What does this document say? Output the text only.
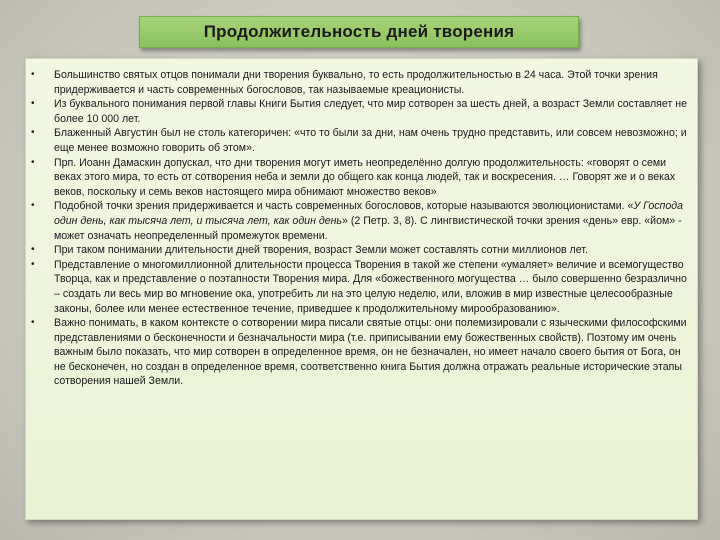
Продолжительность дней творения
• Большинство святых отцов понимали дни творения буквально, то есть продолжительностью в 24 часа. Этой точки зрения придерживается и часть современных богословов, так называемые креационисты.
• Из буквального понимания первой главы Книги Бытия следует, что мир сотворен за шесть дней, а возраст Земли составляет не более 10 000 лет.
• Блаженный Августин был не столь категоричен: «что то были за дни, нам очень трудно представить, или совсем невозможно; и еще менее возможно говорить об этом».
• Прп. Иоанн Дамаскин допускал, что дни творения могут иметь неопределённо долгую продолжительность: «говорят о семи веках этого мира, то есть от сотворения неба и земли до общего как конца людей, так и воскресения. … Говорят же и о веках веков, поскольку и семь веков настоящего мира обнимают множество веков»
• Подобной точки зрения придерживается и часть современных богословов, которые называются эволюционистами. «У Господа один день, как тысяча лет, и тысяча лет, как один день» (2 Петр. 3, 8). С лингвистической точки зрения «день» евр. «йом» - может означать неопределенный промежуток времени.
• При таком понимании длительности дней творения, возраст Земли может составлять сотни миллионов лет.
• Представление о многомиллионной длительности процесса Творения в такой же степени «умаляет» величие и всемогущество Творца, как и представление о поэтапности Творения мира. Для «божественного могущества … было совершенно безразлично – создать ли весь мир во мгновение ока, употребить ли на это целую неделю, или, вложив в мир известные целесообразные законы, более или менее естественное течение, приведшее к продолжительному мирообразованию».
• Важно понимать, в каком контексте о сотворении мира писали святые отцы: они полемизировали с языческими философскими представлениями о бесконечности и безначальности мира (т.е. приписывании ему божественных свойств). Поэтому им очень важным было показать, что мир сотворен в определенное время, он не безначален, но имеет начало своего бытия от Бога, он не бесконечен, но создан в определенное время, соответственно книга Бытия должна отражать реальные исторические этапы сотворения нашей Земли.
